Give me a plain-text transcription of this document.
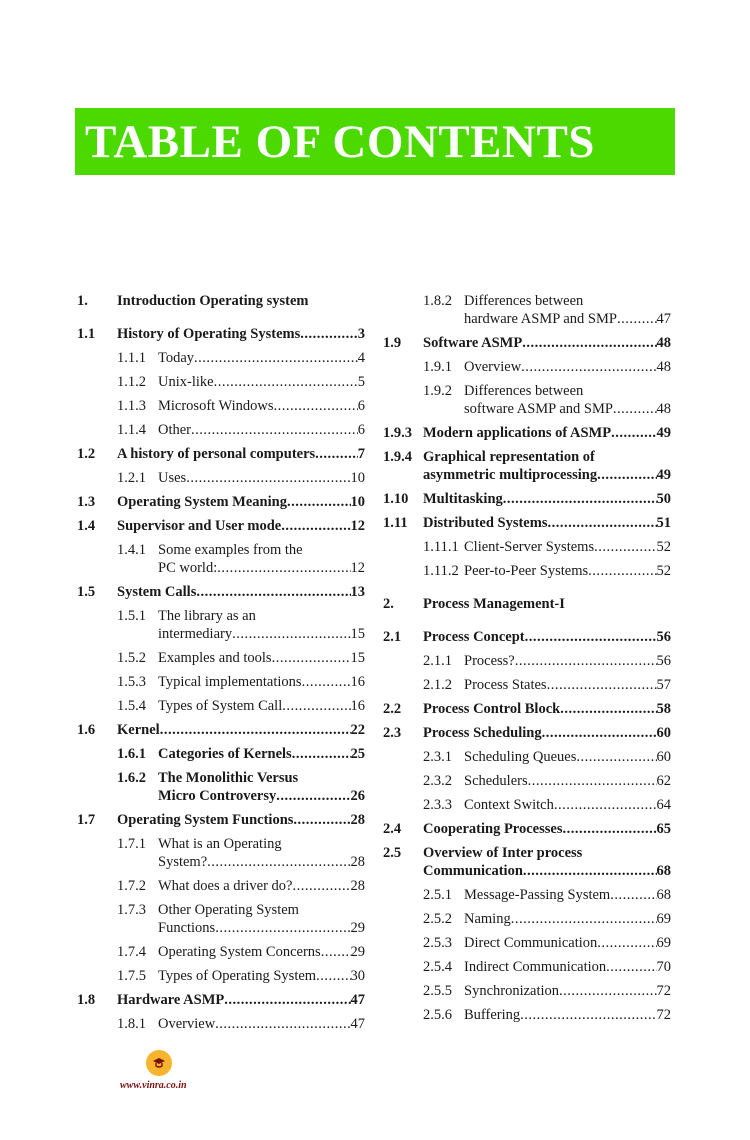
TABLE OF CONTENTS
1. Introduction Operating system
1.1 History of Operating Systems .....	3
1.1.1 Today .....	4
1.1.2 Unix-like .....	5
1.1.3 Microsoft Windows .....	6
1.1.4 Other .....	6
1.2 A history of personal computers .....	7
1.2.1 Uses .....	10
1.3 Operating System Meaning .....	10
1.4 Supervisor and User mode .....	12
1.4.1 Some examples from the
PC world: .....	12
1.5 System Calls .....	13
1.5.1 The library as an
intermediary .....	15
1.5.2 Examples and tools .....	15
1.5.3 Typical implementations .....	16
1.5.4 Types of System Call .....	16
1.6 Kernel .....	22
1.6.1 Categories of Kernels .....	25
1.6.2 The Monolithic Versus
Micro Controversy .....	26
1.7 Operating System Functions .....	28
1.7.1 What is an Operating
System? .....	28
1.7.2 What does a driver do? .....	28
1.7.3 Other Operating System
Functions .....	29
1.7.4 Operating System Concerns ..... 29
1.7.5 Types of Operating System ..... 30
1.8 Hardware ASMP .....	47
1.8.1 Overview .....	47
1.8.2 Differences between
hardware ASMP and SMP .....	47
1.9 Software ASMP .....	48
1.9.1 Overview .....	48
1.9.2 Differences between
software ASMP and SMP .....	48
1.9.3 Modern applications of ASMP .....	49
1.9.4 Graphical representation of
asymmetric multiprocessing .....	49
1.10 Multitasking .....	50
1.11 Distributed Systems .....	51
1.11.1 Client-Server Systems .....	52
1.11.2 Peer-to-Peer Systems .....	52
2. Process Management-I
2.1 Process Concept .....	56
2.1.1 Process? .....	56
2.1.2 Process States .....	57
2.2 Process Control Block .....	58
2.3 Process Scheduling .....	60
2.3.1 Scheduling Queues .....	60
2.3.2 Schedulers .....	62
2.3.3 Context Switch .....	64
2.4 Cooperating Processes .....	65
2.5 Overview of Inter process
Communication .....	68
2.5.1 Message-Passing System .....	68
2.5.2 Naming .....	69
2.5.3 Direct Communication .....	69
2.5.4 Indirect Communication .....	70
2.5.5 Synchronization .....	72
2.5.6 Buffering .....	72
www.vinra.co.in
